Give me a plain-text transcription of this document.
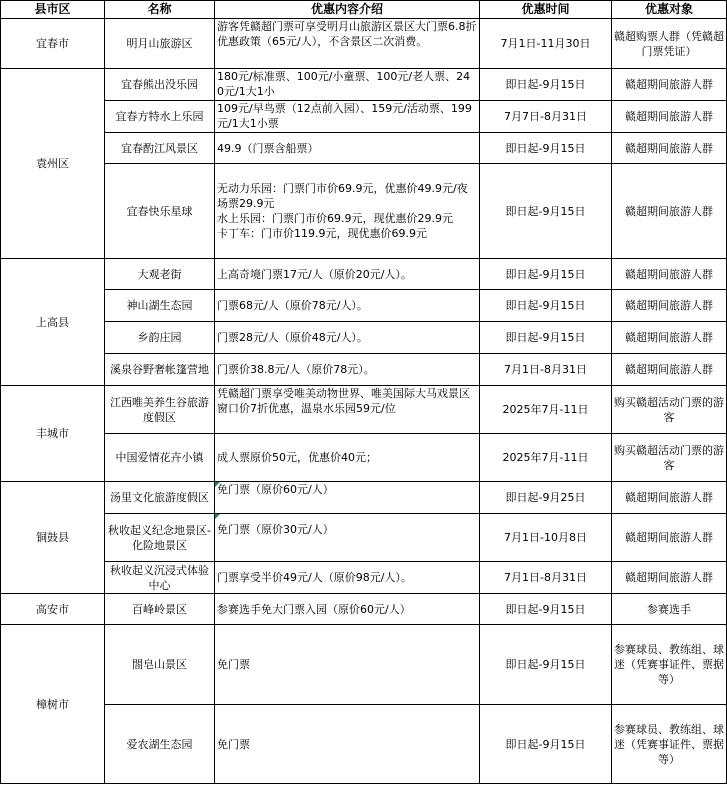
县市区	名称	优惠内容介绍	优惠时间	优惠对象
宜春市	明月山旅游区	游客凭赣超门票可享受明月山旅游区景区大门票6.8折优惠政策（65元/人），不含景区二次消费。	7月1日-11月30日	赣超购票人群（凭赣超门票凭证）
袁州区	宜春熊出没乐园	180元/标准票、100元/小童票、100元/老人票、240元/1大1小	即日起-9月15日	赣超期间旅游人群
	宜春方特水上乐园	109元/早鸟票（12点前入园）、159元/活动票、199元/1大1小票	7月7日-8月31日	赣超期间旅游人群
	宜春酌江风景区	49.9（门票含船票）	即日起-9月15日	赣超期间旅游人群
	宜春快乐星球	无动力乐园：门票门市价69.9元，优惠价49.9元/夜场票29.9元
水上乐园：门票门市价69.9元，现优惠价29.9元
卡丁车：门市价119.9元，现优惠价69.9元	即日起-9月15日	赣超期间旅游人群
上高县	大观老街	上高奇境门票17元/人（原价20元/人）。	即日起-9月15日	赣超期间旅游人群
	神山湖生态园	门票68元/人（原价78元/人）。	即日起-9月15日	赣超期间旅游人群
	乡韵庄园	门票28元/人（原价48元/人）。	即日起-9月15日	赣超期间旅游人群
	溪泉谷野奢帐篷营地	门票价38.8元/人（原价78元）。	7月1日-8月31日	赣超期间旅游人群
丰城市	江西唯美养生谷旅游度假区	凭赣超门票享受唯美动物世界、唯美国际大马戏景区窗口价7折优惠，温泉水乐园59元/位	2025年7月-11日	购买赣超活动门票的游客
	中国爱情花卉小镇	成人票原价50元，优惠价40元；	2025年7月-11日	购买赣超活动门票的游客
铜鼓县	汤里文化旅游度假区	免门票（原价60元/人）	即日起-9月25日	赣超期间旅游人群
	秋收起义纪念地景区-化险地景区	免门票（原价30元/人）	7月1日-10月8日	赣超期间旅游人群
	秋收起义沉浸式体验中心	门票享受半价49元/人（原价98元/人）。	7月1日-8月31日	赣超期间旅游人群
高安市	百峰岭景区	参赛选手免大门票入园（原价60元/人）	即日起-9月15日	参赛选手
樟树市	閤皂山景区	免门票	即日起-9月15日	参赛球员、教练组、球迷（凭赛事证件、票据等）
	爱农湖生态园	免门票	即日起-9月15日	参赛球员、教练组、球迷（凭赛事证件、票据等）
